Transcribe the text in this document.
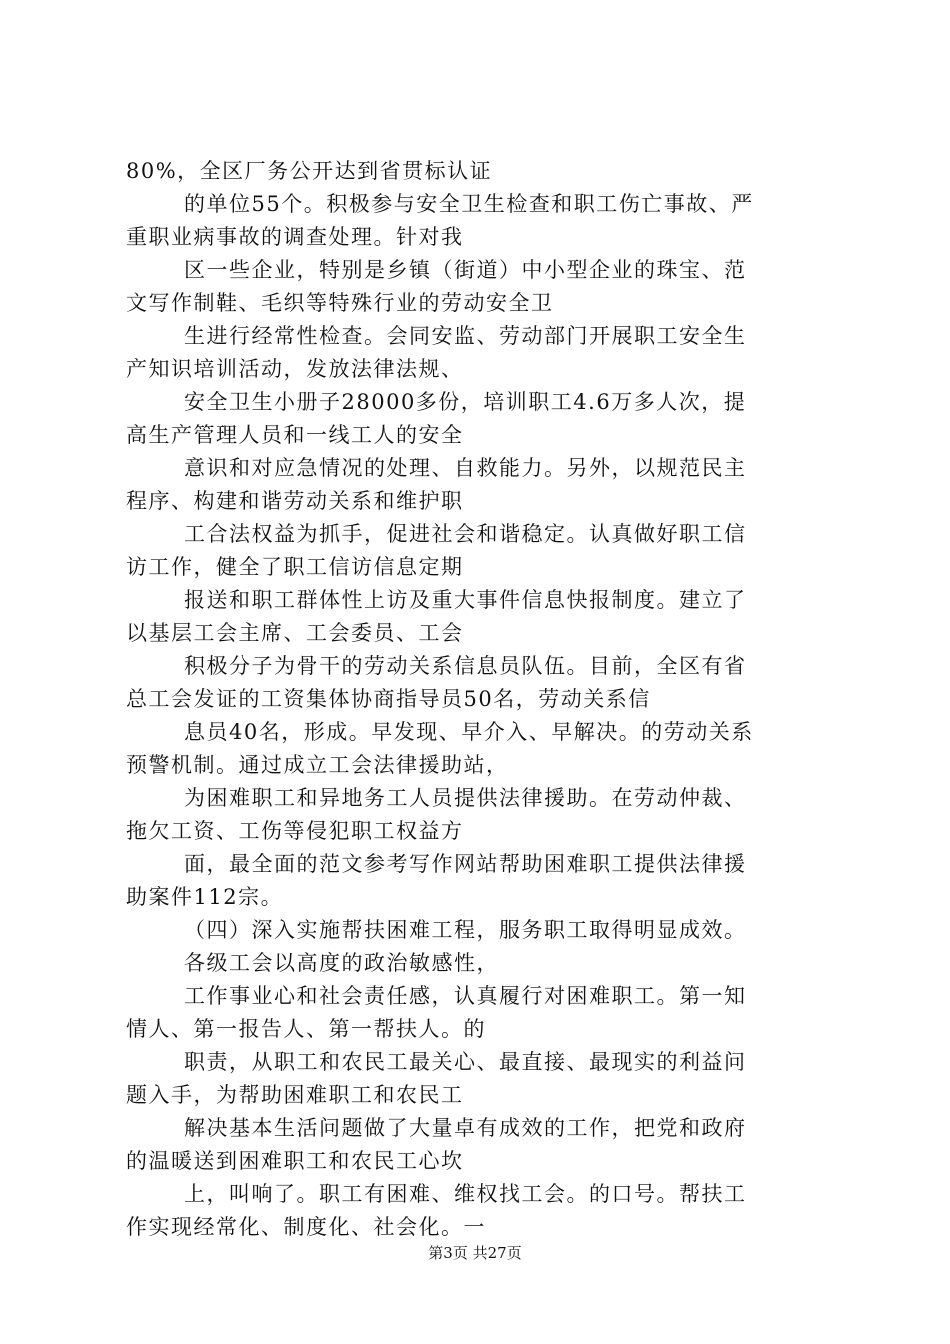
80%，全区厂务公开达到省贯标认证
的单位55个。积极参与安全卫生检查和职工伤亡事故、严
重职业病事故的调查处理。针对我
区一些企业，特别是乡镇（街道）中小型企业的珠宝、范
文写作制鞋、毛织等特殊行业的劳动安全卫
生进行经常性检查。会同安监、劳动部门开展职工安全生
产知识培训活动，发放法律法规、
安全卫生小册子28000多份，培训职工4.6万多人次，提
高生产管理人员和一线工人的安全
意识和对应急情况的处理、自救能力。另外，以规范民主
程序、构建和谐劳动关系和维护职
工合法权益为抓手，促进社会和谐稳定。认真做好职工信
访工作，健全了职工信访信息定期
报送和职工群体性上访及重大事件信息快报制度。建立了
以基层工会主席、工会委员、工会
积极分子为骨干的劳动关系信息员队伍。目前，全区有省
总工会发证的工资集体协商指导员50名，劳动关系信
息员40名，形成。早发现、早介入、早解决。的劳动关系
预警机制。通过成立工会法律援助站，
为困难职工和异地务工人员提供法律援助。在劳动仲裁、
拖欠工资、工伤等侵犯职工权益方
面，最全面的范文参考写作网站帮助困难职工提供法律援
助案件112宗。
（四）深入实施帮扶困难工程，服务职工取得明显成效。
各级工会以高度的政治敏感性，
工作事业心和社会责任感，认真履行对困难职工。第一知
情人、第一报告人、第一帮扶人。的
职责，从职工和农民工最关心、最直接、最现实的利益问
题入手，为帮助困难职工和农民工
解决基本生活问题做了大量卓有成效的工作，把党和政府
的温暖送到困难职工和农民工心坎
上，叫响了。职工有困难、维权找工会。的口号。帮扶工
作实现经常化、制度化、社会化。一
第3页 共27页
